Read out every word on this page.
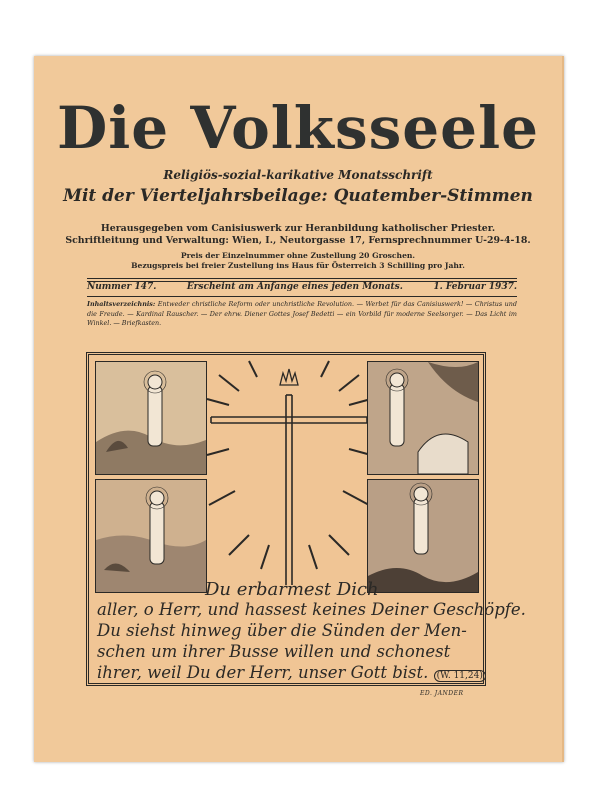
Die Volksseele
Religiös-sozial-karikative Monatsschrift
Mit der Vierteljahrsbeilage: Quatember-Stimmen
Herausgegeben vom Canisiuswerk zur Heranbildung katholischer Priester.
Schriftleitung und Verwaltung: Wien, I., Neutorgasse 17, Fernsprechnummer U-29-4-18.
Preis der Einzelnummer ohne Zustellung 20 Groschen.
Bezugspreis bei freier Zustellung ins Haus für Österreich 3 Schilling pro Jahr.
Nummer 147.	Erscheint am Anfange eines jeden Monats.	1. Februar 1937.
Inhaltsverzeichnis: Entweder christliche Reform oder unchristliche Revolution. — Werbet für das Canisiuswerk! — Christus und die Freude. — Kardinal Rauscher. — Der ehrw. Diener Gottes Josef Bedetti — ein Vorbild für moderne Seelsorger. — Das Licht im Winkel. — Briefkasten.
Du erbarmest Dich
aller, o Herr, und hassest keines Deiner Geschöpfe.
Du siehst hinweg über die Sünden der Men-
schen um ihrer Busse willen und schonest
ihrer, weil Du der Herr, unser Gott bist. (W. 11,24)
ED. JANDER
